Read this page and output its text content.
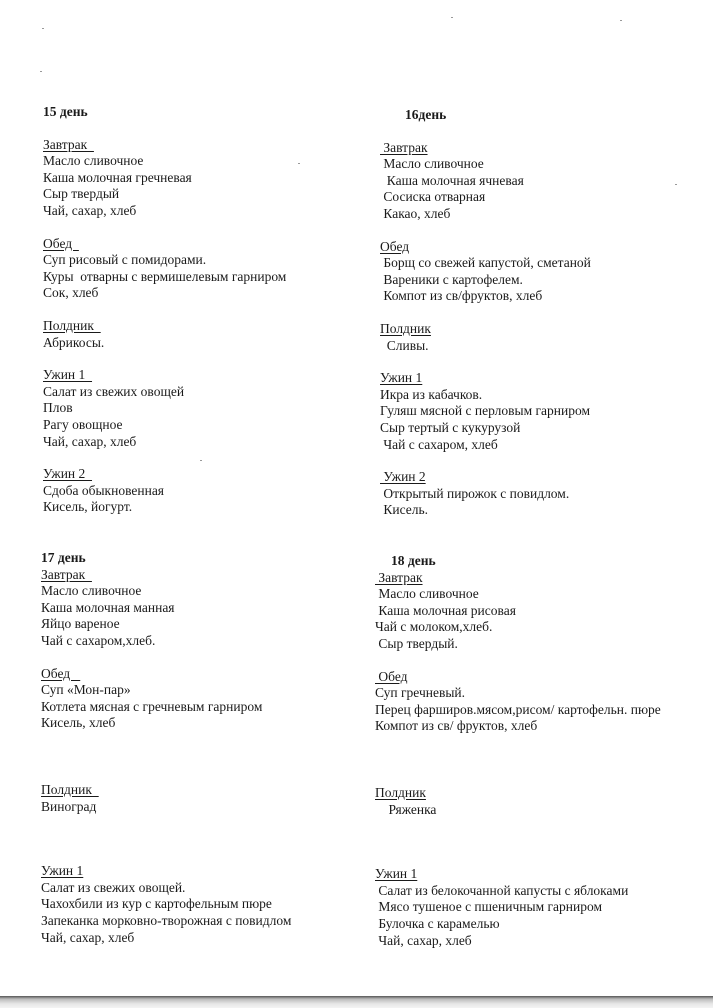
15 день

Завтрак
Масло сливочное
Каша молочная гречневая
Сыр твердый
Чай, сахар, хлеб
Обед
Суп рисовый с помидорами.
Куры  отварны с вермишелевым гарниром
Сок, хлеб
Полдник
Абрикосы.
Ужин 1
Салат из свежих овощей
Плов
Рагу овощное
Чай, сахар, хлеб
Ужин 2
Сдоба обыкновенная
Кисель, йогурт.

16день

Завтрак
Масло сливочное
Каша молочная ячневая
Сосиска отварная
Какао, хлеб
Обед
Борщ со свежей капустой, сметаной
Вареники с картофелем.
Компот из св/фруктов, хлеб
Полдник
Сливы.
Ужин 1
Икра из кабачков.
Гуляш мясной с перловым гарниром
Сыр тертый с кукурузой
Чай с сахаром, хлеб
Ужин 2
Открытый пирожок с повидлом.
Кисель.

17 день

Завтрак
Масло сливочное
Каша молочная манная
Яйцо вареное
Чай с сахаром,хлеб.
Обед
Суп «Мон-пар»
Котлета мясная с гречневым гарниром
Кисель, хлеб
Полдник
Виноград
Ужин 1
Салат из свежих овощей.
Чахохбили из кур с картофельным пюре
Запеканка морковно-творожная с повидлом
Чай, сахар, хлеб

18 день

Завтрак
Масло сливочное
Каша молочная рисовая
Чай с молоком,хлеб.
Сыр твердый.
Обед
Суп гречневый.
Перец фарширов.мясом,рисом/ картофельн. пюре
Компот из св/ фруктов, хлеб
Полдник
Ряженка
Ужин 1
Салат из белокочанной капусты с яблоками
Мясо тушеное с пшеничным гарниром
Булочка с карамелью
Чай, сахар, хлеб
